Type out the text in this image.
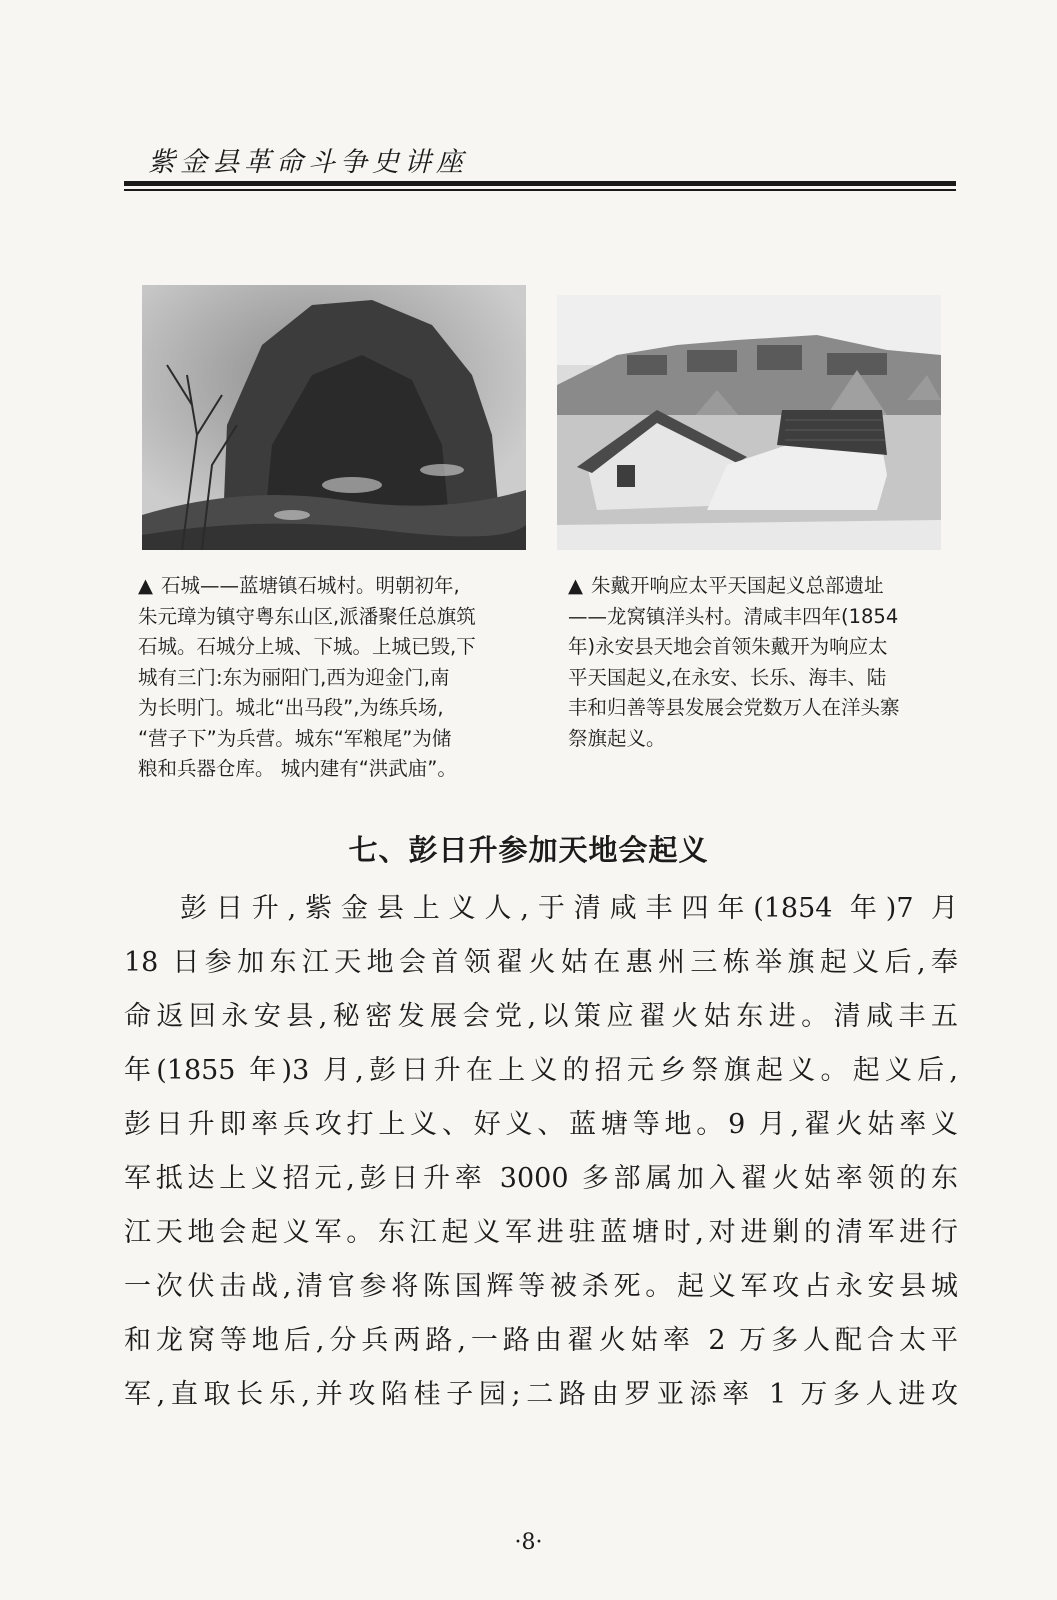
紫金县革命斗争史讲座
▲ 石城——蓝塘镇石城村。明朝初年,
朱元璋为镇守粤东山区,派潘聚任总旗筑
石城。石城分上城、下城。上城已毁,下
城有三门:东为丽阳门,西为迎金门,南
为长明门。城北“出马段”,为练兵场,
“营子下”为兵营。城东“军粮尾”为储
粮和兵器仓库。 城内建有“洪武庙”。
▲ 朱戴开响应太平天国起义总部遗址
——龙窝镇洋头村。清咸丰四年(1854
年)永安县天地会首领朱戴开为响应太
平天国起义,在永安、长乐、海丰、陆
丰和归善等县发展会党数万人在洋头寨
祭旗起义。
七、彭日升参加天地会起义
彭日升,紫金县上义人,于清咸丰四年(1854 年)7 月
18 日参加东江天地会首领翟火姑在惠州三栋举旗起义后,奉
命返回永安县,秘密发展会党,以策应翟火姑东进。清咸丰五
年(1855 年)3 月,彭日升在上义的招元乡祭旗起义。起义后,
彭日升即率兵攻打上义、好义、蓝塘等地。9 月,翟火姑率义
军抵达上义招元,彭日升率 3000 多部属加入翟火姑率领的东
江天地会起义军。东江起义军进驻蓝塘时,对进剿的清军进行
一次伏击战,清官参将陈国辉等被杀死。起义军攻占永安县城
和龙窝等地后,分兵两路,一路由翟火姑率 2 万多人配合太平
军,直取长乐,并攻陷桂子园;二路由罗亚添率 1 万多人进攻
·8·
